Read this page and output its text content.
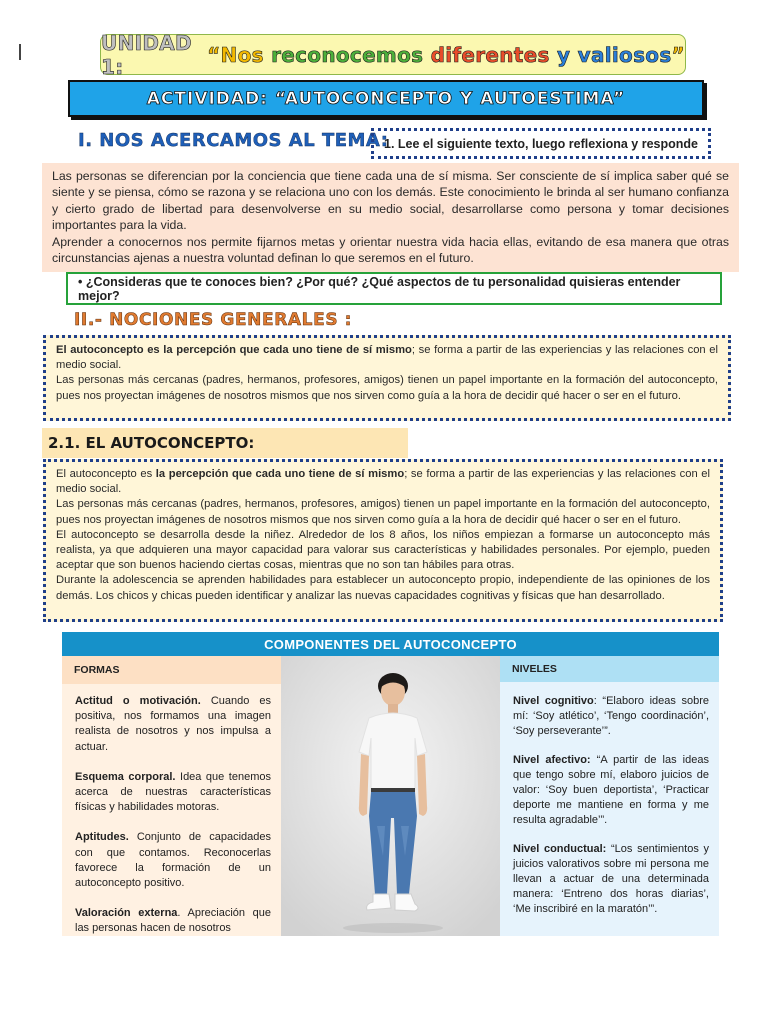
UNIDAD 1:	“ Nos
reconocemos
diferentes
y
valiosos ”
ACTIVIDAD: “AUTOCONCEPTO Y AUTOESTIMA”
I. NOS ACERCAMOS AL TEMA:
1. Lee el siguiente texto, luego reflexiona y responde

Las personas se diferencian por la conciencia que tiene cada una de sí misma. Ser consciente de sí implica saber qué se siente y se piensa, cómo se razona y se relaciona uno con los demás. Este conocimiento le brinda al ser humano confianza y cierto grado de libertad para desenvolverse en su medio social, desarrollarse como persona y tomar decisiones importantes para la vida.

Aprender a conocernos nos permite fijarnos metas y orientar nuestra vida hacia ellas, evitando de esa manera que otras circunstancias ajenas a nuestra voluntad definan lo que seremos en el futuro.

• ¿Consideras que te conoces bien? ¿Por qué? ¿Qué aspectos de tu personalidad quisieras entender mejor?
II.- NOCIONES GENERALES :

El autoconcepto es la percepción que cada uno tiene de sí mismo; se forma a partir de las experiencias y las relaciones con el medio social.

Las personas más cercanas (padres, hermanos, profesores, amigos) tienen un papel importante en la formación del autoconcepto, pues nos proyectan imágenes de nosotros mismos que nos sirven como guía a la hora de decidir qué hacer o ser en el futuro.

2.1. EL AUTOCONCEPTO:

El autoconcepto es la percepción que cada uno tiene de sí mismo; se forma a partir de las experiencias y las relaciones con el medio social.

Las personas más cercanas (padres, hermanos, profesores, amigos) tienen un papel importante en la formación del autoconcepto, pues nos proyectan imágenes de nosotros mismos que nos sirven como guía a la hora de decidir qué hacer o ser en el futuro.

El autoconcepto se desarrolla desde la niñez. Alrededor de los 8 años, los niños empiezan a formarse un autoconcepto más realista, ya que adquieren una mayor capacidad para valorar sus características y habilidades personales. Por ejemplo, pueden aceptar que son buenos haciendo ciertas cosas, mientras que no son tan hábiles para otras.

Durante la adolescencia se aprenden habilidades para establecer un autoconcepto propio, independiente de las opiniones de los demás. Los chicos y chicas pueden identificar y analizar las nuevas capacidades cognitivas y físicas que han desarrollado.

COMPONENTES DEL AUTOCONCEPTO
FORMAS

Actitud o motivación. Cuando es positiva, nos formamos una imagen realista de nosotros y nos impulsa a actuar.

Esquema corporal. Idea que tenemos acerca de nuestras características físicas y habilidades motoras.

Aptitudes. Conjunto de capacidades con que contamos. Reconocerlas favorece la formación de un autoconcepto positivo.

Valoración externa. Apreciación que las personas hacen de nosotros

NIVELES

Nivel cognitivo: “Elaboro ideas sobre mí: ‘Soy atlético’, ‘Tengo coordinación’, ‘Soy perseverante’”.

Nivel afectivo: “A partir de las ideas que tengo sobre mí, elaboro juicios de valor: ‘Soy buen deportista’, ‘Practicar deporte me mantiene en forma y me resulta agradable’”.

Nivel conductual: “Los sentimientos y juicios valorativos sobre mi persona me llevan a actuar de una determinada manera: ‘Entreno dos horas diarias’, ‘Me inscribiré en la maratón’”.
